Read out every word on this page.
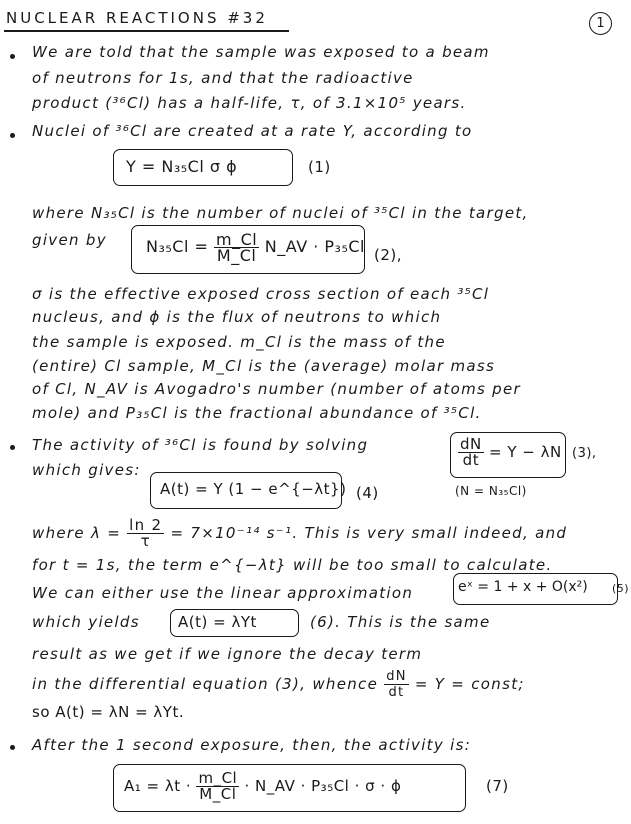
NUCLEAR REACTIONS #32	1
We are told that the sample was exposed to a beam
of neutrons for 1s, and that the radioactive
product (³⁶Cl) has a half-life, τ, of 3.1×10⁵ years.
Nuclei of ³⁶Cl are created at a rate Y, according to
Y = N₃₅Cl σ ϕ	(1)
where N₃₅Cl is the number of nuclei of ³⁵Cl in the target,
given by $N_{35}Cl = \frac{m\_Cl}{M\_Cl}$ N_AV · P₃₅Cl (2),
σ is the effective exposed cross section of each ³⁵Cl
nucleus, and ϕ is the flux of neutrons to which
the sample is exposed. m_Cl is the mass of the
(entire) Cl sample, M_Cl is the (average) molar mass
of Cl, N_AV is Avogadro's number (number of atoms per
mole) and P₃₅Cl is the fractional abundance of ³⁵Cl.
The activity of ³⁶Cl is found by solving	$\frac{dN}{dt} = Y - \lambda N$ (3),
which gives:
A(t) = Y (1 − e^{−λt}) (4)	(N = N₃₅Cl)
where $\lambda = \frac{\ln 2}{\tau} = 7\times 10^{-14}$ s⁻¹. This is very small indeed, and
for t = 1s, the term e^{−λt} will be too small to calculate.
We can either use the linear approximation	eˣ = 1 + x + O(x²) (5)
which yields	A(t) = λYt	(6). This is the same
result as we get if we ignore the decay term
in the differential equation (3), whence $\frac{dN}{dt} = Y$ = const;
so A(t) = λN = λYt.
After the 1 second exposure, then, the activity is:
$A_1 = \lambda t \cdot \frac{m\_Cl}{M\_Cl}$ · N_AV · P₃₅Cl · σ · ϕ	(7)
